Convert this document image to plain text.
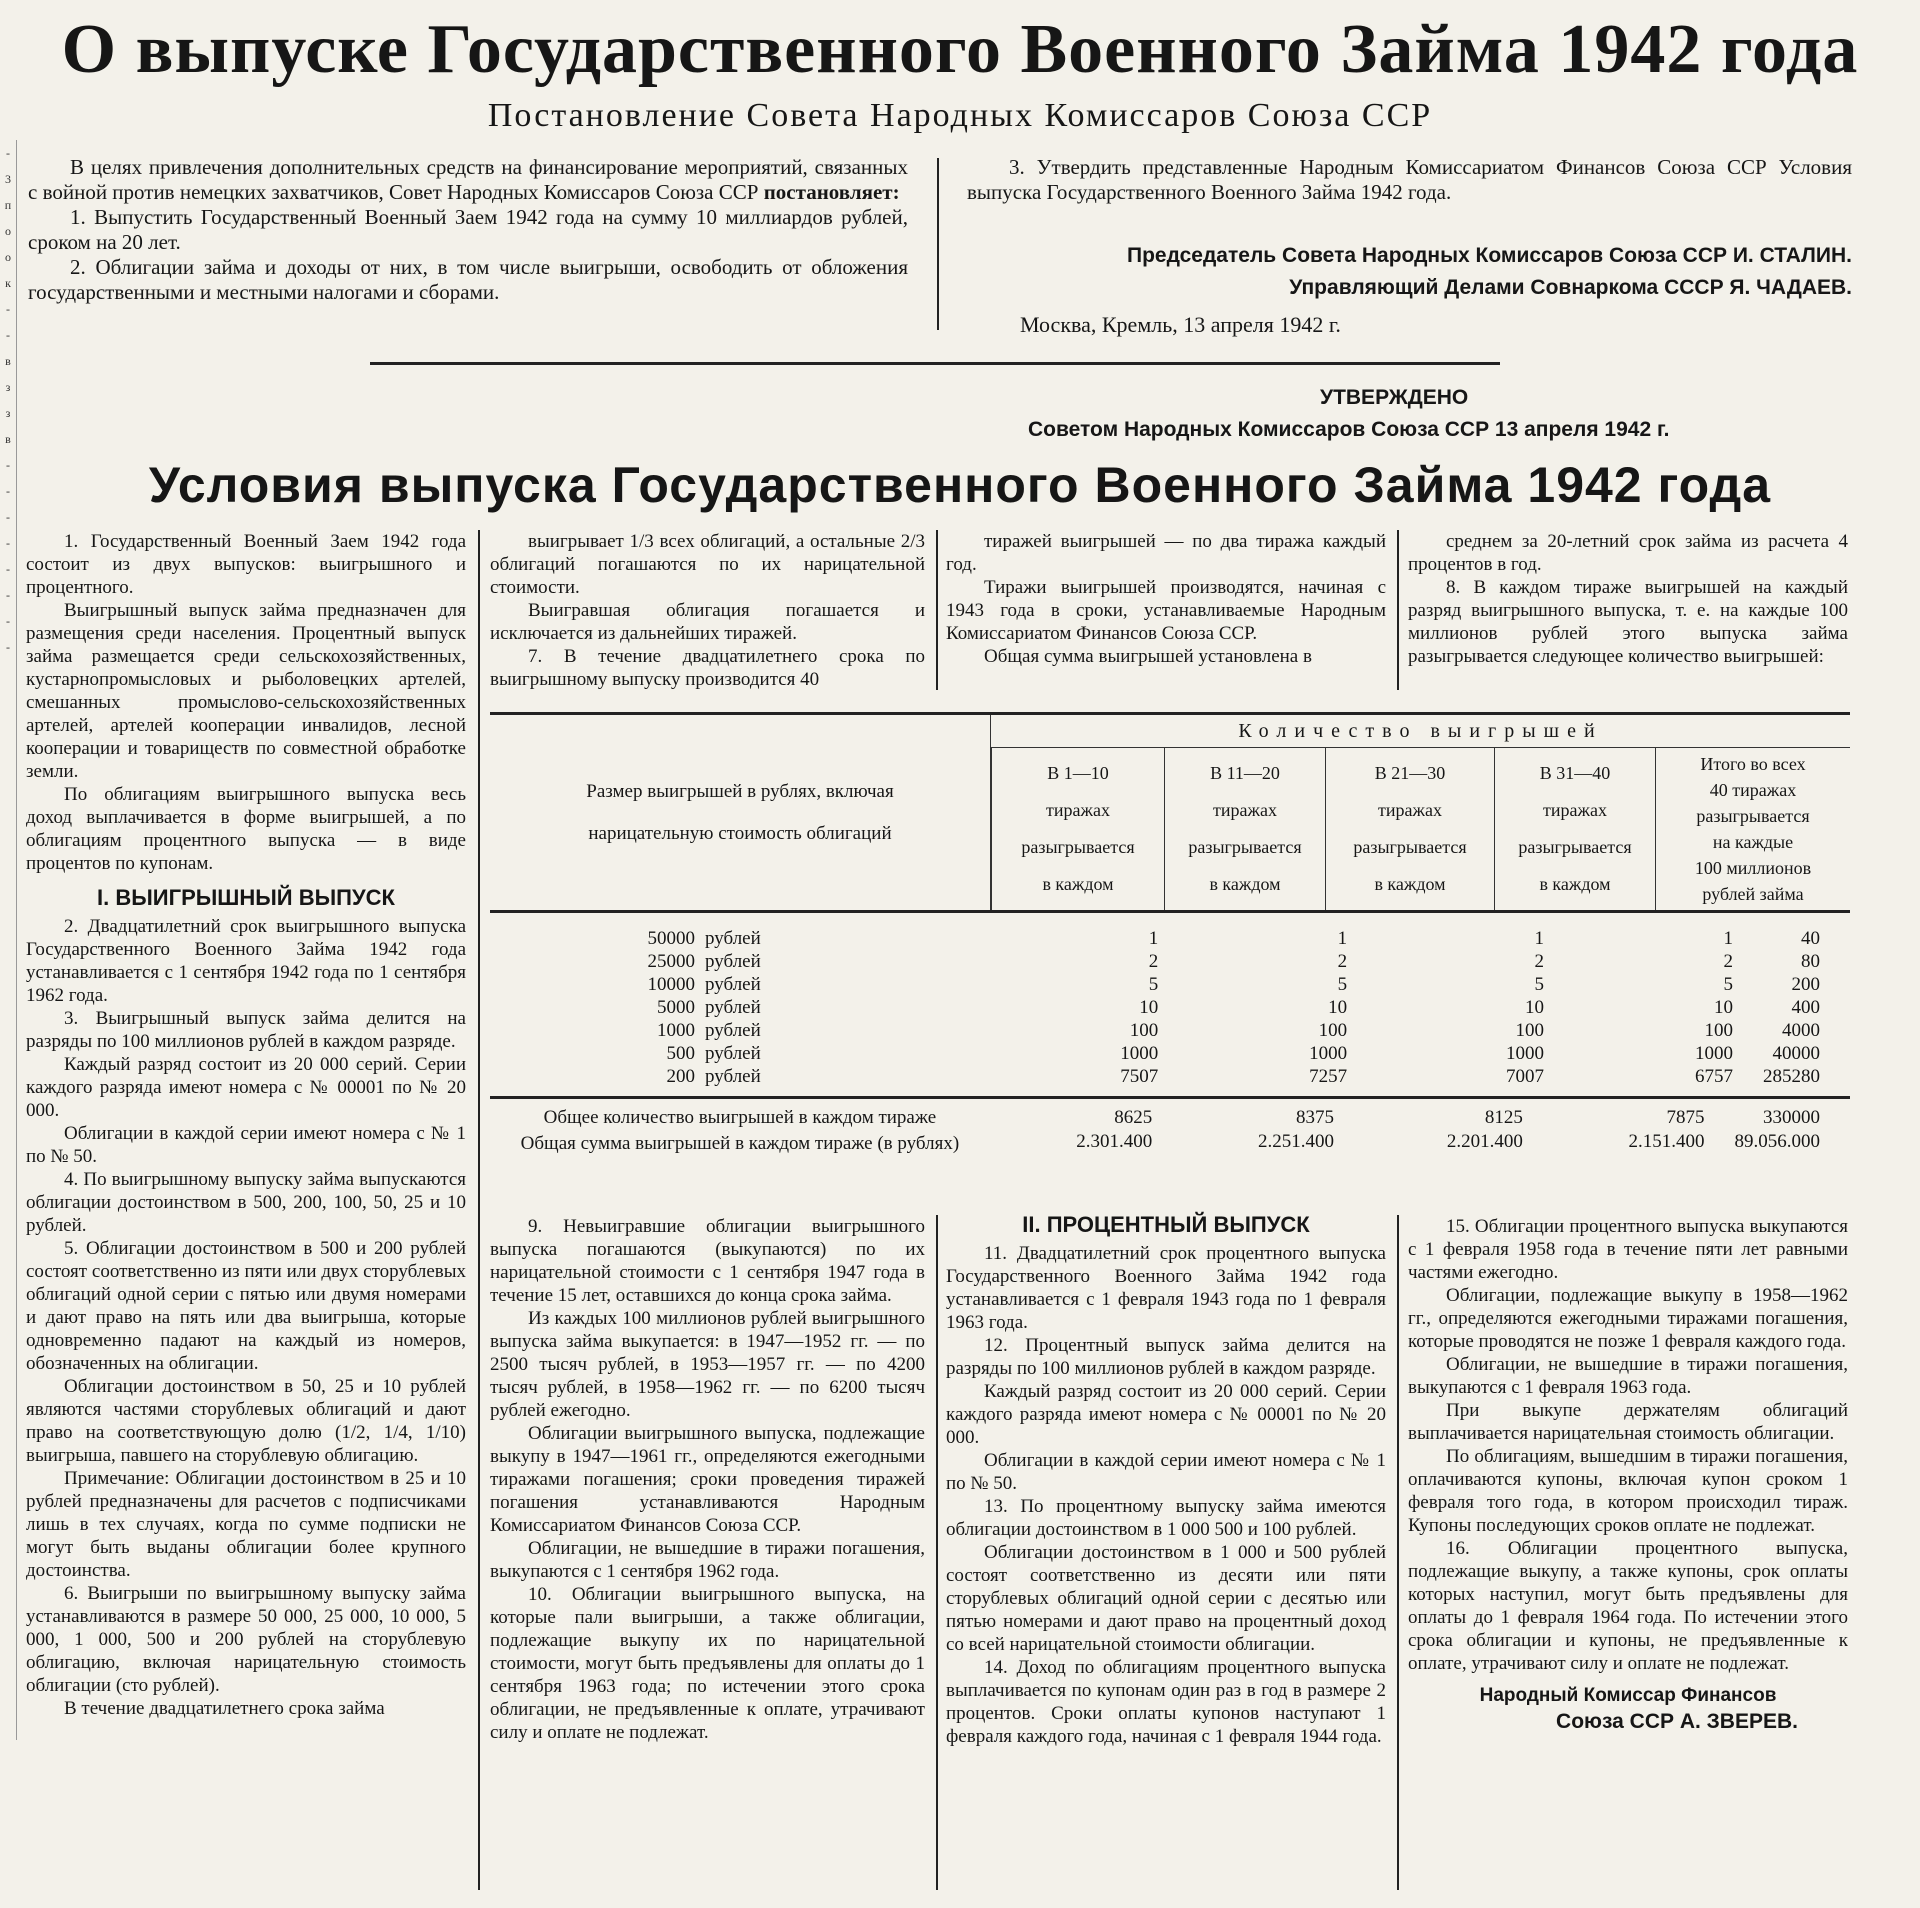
-
3
п
о
о
к
-
-
в
з
з
в
-
-
-
-
-
-
-
-
О выпуске Государственного Военного Займа 1942 года
Постановление Совета Народных Комиссаров Союза ССР

В целях привлечения дополнительных средств на финансирование мероприятий, связанных с войной против немецких захватчиков, Совет Народных Комиссаров Союза ССР постановляет:

1. Выпустить Государственный Военный Заем 1942 года на сумму 10 миллиардов рублей, сроком на 20 лет.

2. Облигации займа и доходы от них, в том числе выигрыши, освободить от обложения государственными и местными налогами и сборами.

3. Утвердить представленные Народным Комиссариатом Финансов Союза ССР Условия выпуска Государственного Военного Займа 1942 года.

Председатель Совета Народных Комиссаров Союза ССР И. СТАЛИН.
Управляющий Делами Совнаркома СССР Я. ЧАДАЕВ.
Москва, Кремль, 13 апреля 1942 г.
УТВЕРЖДЕНО
Советом Народных Комиссаров Союза ССР 13 апреля 1942 г.
Условия выпуска Государственного Военного Займа 1942 года

1. Государственный Военный Заем 1942 года состоит из двух выпусков: выигрышного и процентного.

Выигрышный выпуск займа предназначен для размещения среди населения. Процентный выпуск займа размещается среди сельскохозяйственных, кустарнопромысловых и рыболовецких артелей, смешанных промыслово-сельскохозяйственных артелей, артелей кооперации инвалидов, лесной кооперации и товариществ по совместной обработке земли.

По облигациям выигрышного выпуска весь доход выплачивается в форме выигрышей, а по облигациям процентного выпуска — в виде процентов по купонам.

I. ВЫИГРЫШНЫЙ ВЫПУСК

2. Двадцатилетний срок выигрышного выпуска Государственного Военного Займа 1942 года устанавливается с 1 сентября 1942 года по 1 сентября 1962 года.

3. Выигрышный выпуск займа делится на разряды по 100 миллионов рублей в каждом разряде.

Каждый разряд состоит из 20 000 серий. Серии каждого разряда имеют номера с № 00001 по № 20 000.

Облигации в каждой серии имеют номера с № 1 по № 50.

4. По выигрышному выпуску займа выпускаются облигации достоинством в 500, 200, 100, 50, 25 и 10 рублей.

5. Облигации достоинством в 500 и 200 рублей состоят соответственно из пяти или двух сторублевых облигаций одной серии с пятью или двумя номерами и дают право на пять или два выигрыша, которые одновременно падают на каждый из номеров, обозначенных на облигации.

Облигации достоинством в 50, 25 и 10 рублей являются частями сторублевых облигаций и дают право на соответствующую долю (1/2, 1/4, 1/10) выигрыша, павшего на сторублевую облигацию.

Примечание: Облигации достоинством в 25 и 10 рублей предназначены для расчетов с подписчиками лишь в тех случаях, когда по сумме подписки не могут быть выданы облигации более крупного достоинства.

6. Выигрыши по выигрышному выпуску займа устанавливаются в размере 50 000, 25 000, 10 000, 5 000, 1 000, 500 и 200 рублей на сторублевую облигацию, включая нарицательную стоимость облигации (сто рублей).

В течение двадцатилетнего срока займа

выигрывает 1/3 всех облигаций, а остальные 2/3 облигаций погашаются по их нарицательной стоимости.

Выигравшая облигация погашается и исключается из дальнейших тиражей.

7. В течение двадцатилетнего срока по выигрышному выпуску производится 40

тиражей выигрышей — по два тиража каждый год.

Тиражи выигрышей производятся, начиная с 1943 года в сроки, устанавливаемые Народным Комиссариатом Финансов Союза ССР.

Общая сумма выигрышей установлена в

среднем за 20-летний срок займа из расчета 4 процентов в год.

8. В каждом тираже выигрышей на каждый разряд выигрышного выпуска, т. е. на каждые 100 миллионов рублей этого выпуска займа разыгрывается следующее количество выигрышей:

Размер выигрышей в рублях, включая
нарицательную стоимость облигаций
Количество выигрышей
В 1—10
тиражах
разыгрывается
в каждом
В 11—20
тиражах
разыгрывается
в каждом
В 21—30
тиражах
разыгрывается
в каждом
В 31—40
тиражах
разыгрывается
в каждом
Итого во всех
40 тиражах
разыгрывается
на каждые
100 миллионов
рублей займа
50000 рублей	1	1	1	1	40
25000 рублей	2	2	2	2	80
10000 рублей	5	5	5	5	200
5000 рублей	10	10	10	10	400
1000 рублей	100	100	100	100	4000
500 рублей	1000	1000	1000	1000	40000
200 рублей	7507	7257	7007	6757	285280
Общее количество выигрышей в каждом тираже	8625	8375	8125	7875	330000
Общая сумма выигрышей в каждом тираже (в рублях)	2.301.400	2.251.400	2.201.400	2.151.400	89.056.000

9. Невыигравшие облигации выигрышного выпуска погашаются (выкупаются) по их нарицательной стоимости с 1 сентября 1947 года в течение 15 лет, оставшихся до конца срока займа.

Из каждых 100 миллионов рублей выигрышного выпуска займа выкупается: в 1947—1952 гг. — по 2500 тысяч рублей, в 1953—1957 гг. — по 4200 тысяч рублей, в 1958—1962 гг. — по 6200 тысяч рублей ежегодно.

Облигации выигрышного выпуска, подлежащие выкупу в 1947—1961 гг., определяются ежегодными тиражами погашения; сроки проведения тиражей погашения устанавливаются Народным Комиссариатом Финансов Союза ССР.

Облигации, не вышедшие в тиражи погашения, выкупаются с 1 сентября 1962 года.

10. Облигации выигрышного выпуска, на которые пали выигрыши, а также облигации, подлежащие выкупу их по нарицательной стоимости, могут быть предъявлены для оплаты до 1 сентября 1963 года; по истечении этого срока облигации, не предъявленные к оплате, утрачивают силу и оплате не подлежат.

II. ПРОЦЕНТНЫЙ ВЫПУСК

11. Двадцатилетний срок процентного выпуска Государственного Военного Займа 1942 года устанавливается с 1 февраля 1943 года по 1 февраля 1963 года.

12. Процентный выпуск займа делится на разряды по 100 миллионов рублей в каждом разряде.

Каждый разряд состоит из 20 000 серий. Серии каждого разряда имеют номера с № 00001 по № 20 000.

Облигации в каждой серии имеют номера с № 1 по № 50.

13. По процентному выпуску займа имеются облигации достоинством в 1 000 500 и 100 рублей.

Облигации достоинством в 1 000 и 500 рублей состоят соответственно из десяти или пяти сторублевых облигаций одной серии с десятью или пятью номерами и дают право на процентный доход со всей нарицательной стоимости облигации.

14. Доход по облигациям процентного выпуска выплачивается по купонам один раз в год в размере 2 процентов. Сроки оплаты купонов наступают 1 февраля каждого года, начиная с 1 февраля 1944 года.

15. Облигации процентного выпуска выкупаются с 1 февраля 1958 года в течение пяти лет равными частями ежегодно.

Облигации, подлежащие выкупу в 1958—1962 гг., определяются ежегодными тиражами погашения, которые проводятся не позже 1 февраля каждого года.

Облигации, не вышедшие в тиражи погашения, выкупаются с 1 февраля 1963 года.

При выкупе держателям облигаций выплачивается нарицательная стоимость облигации.

По облигациям, вышедшим в тиражи погашения, оплачиваются купоны, включая купон сроком 1 февраля того года, в котором происходил тираж. Купоны последующих сроков оплате не подлежат.

16. Облигации процентного выпуска, подлежащие выкупу, а также купоны, срок оплаты которых наступил, могут быть предъявлены для оплаты до 1 февраля 1964 года. По истечении этого срока облигации и купоны, не предъявленные к оплате, утрачивают силу и оплате не подлежат.

Народный Комиссар Финансов
Союза ССР А. ЗВЕРЕВ.
